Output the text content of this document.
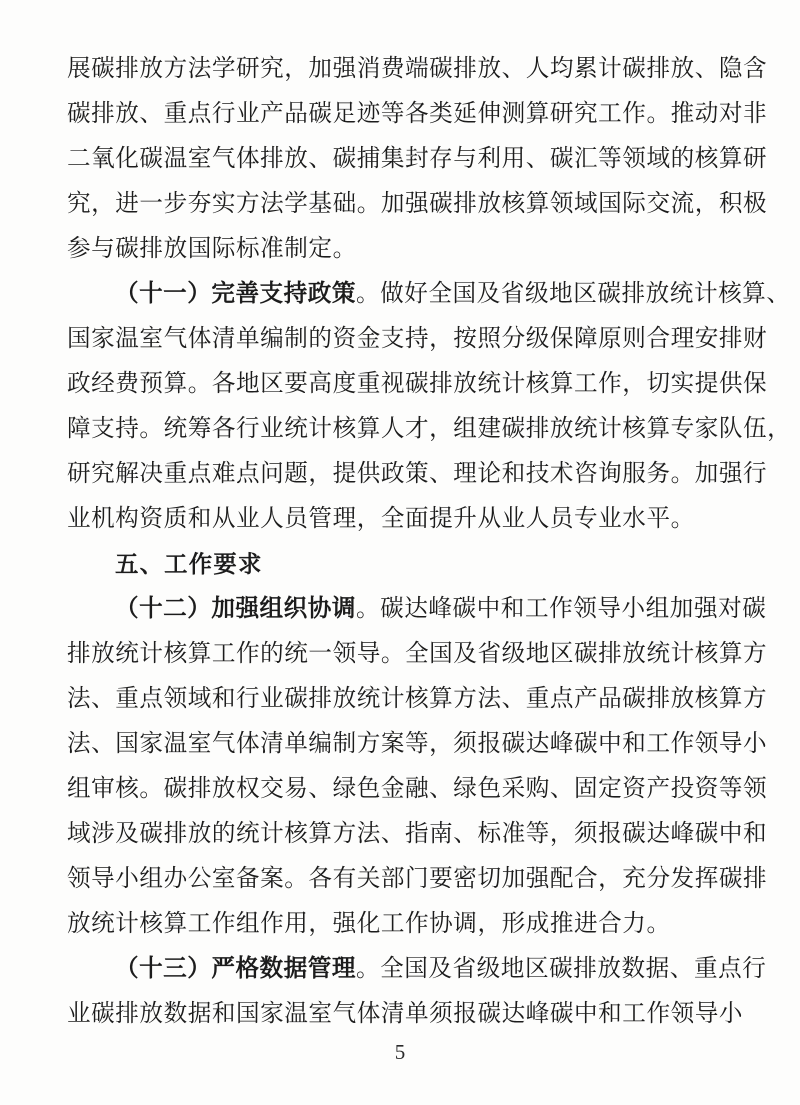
展碳排放方法学研究，加强消费端碳排放、人均累计碳排放、隐含
碳排放、重点行业产品碳足迹等各类延伸测算研究工作。推动对非
二氧化碳温室气体排放、碳捕集封存与利用、碳汇等领域的核算研
究，进一步夯实方法学基础。加强碳排放核算领域国际交流，积极
参与碳排放国际标准制定。
（十一）完善支持政策。做好全国及省级地区碳排放统计核算、
国家温室气体清单编制的资金支持，按照分级保障原则合理安排财
政经费预算。各地区要高度重视碳排放统计核算工作，切实提供保
障支持。统筹各行业统计核算人才，组建碳排放统计核算专家队伍，
研究解决重点难点问题，提供政策、理论和技术咨询服务。加强行
业机构资质和从业人员管理，全面提升从业人员专业水平。
五、工作要求
（十二）加强组织协调。碳达峰碳中和工作领导小组加强对碳
排放统计核算工作的统一领导。全国及省级地区碳排放统计核算方
法、重点领域和行业碳排放统计核算方法、重点产品碳排放核算方
法、国家温室气体清单编制方案等，须报碳达峰碳中和工作领导小
组审核。碳排放权交易、绿色金融、绿色采购、固定资产投资等领
域涉及碳排放的统计核算方法、指南、标准等，须报碳达峰碳中和
领导小组办公室备案。各有关部门要密切加强配合，充分发挥碳排
放统计核算工作组作用，强化工作协调，形成推进合力。
（十三）严格数据管理。全国及省级地区碳排放数据、重点行
业碳排放数据和国家温室气体清单须报碳达峰碳中和工作领导小
5
